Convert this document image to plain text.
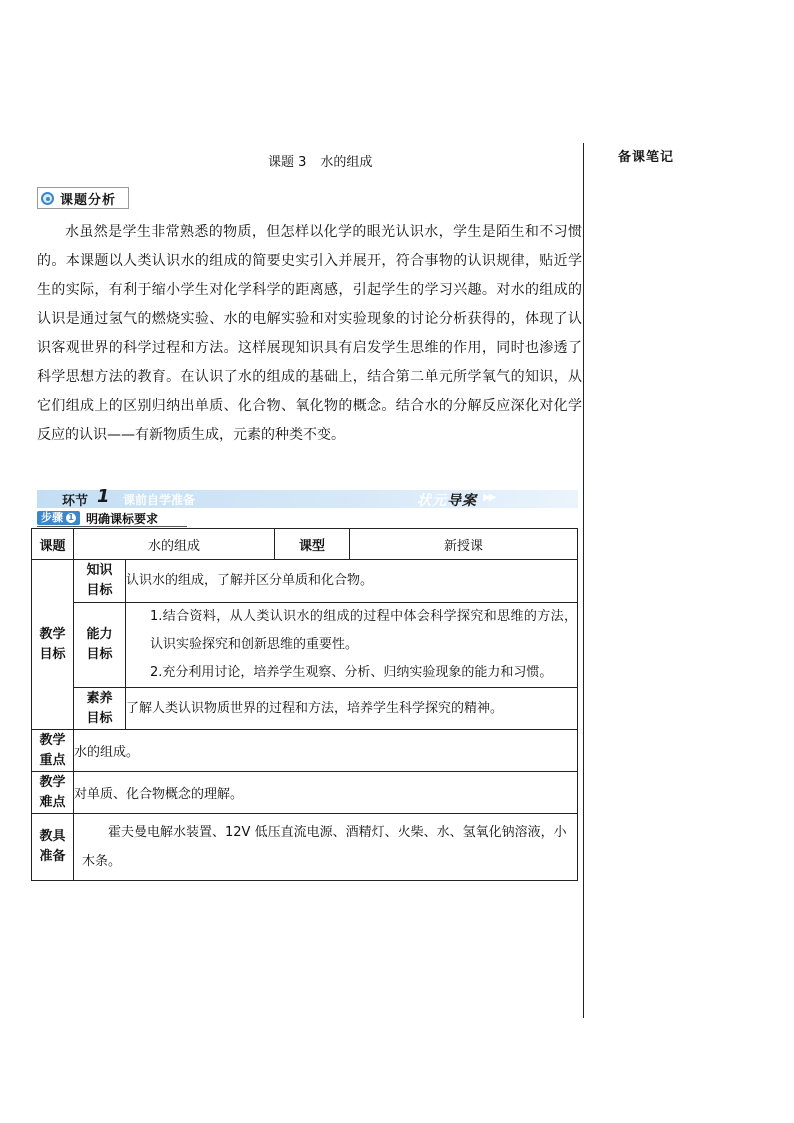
备课笔记
课题 3 水的组成
课题分析

水虽然是学生非常熟悉的物质，但怎样以化学的眼光认识水，学生是陌生和不习惯的。本课题以人类认识水的组成的简要史实引入并展开，符合事物的认识规律，贴近学生的实际，有利于缩小学生对化学科学的距离感，引起学生的学习兴趣。对水的组成的认识是通过氢气的燃烧实验、水的电解实验和对实验现象的讨论分析获得的，体现了认识客观世界的科学过程和方法。这样展现知识具有启发学生思维的作用，同时也渗透了科学思想方法的教育。在认识了水的组成的基础上，结合第二单元所学氧气的知识，从它们组成上的区别归纳出单质、化合物、氧化物的概念。结合水的分解反应深化对化学反应的认识——有新物质生成，元素的种类不变。

环节 1 课前自学准备	状元导案 ▶▶
步骤 1 明确课标要求
课题	水的组成		课型	新授课
教学目标	知识目标	认识水的组成，了解并区分单质和化合物。		
	能力目标	1.结合资料，从人类认识水的组成的过程中体会科学探究和思维的方法，认识实验探究和创新思维的重要性。
2.充分利用讨论，培养学生观察、分析、归纳实验现象的能力和习惯。		

	素养目标	了解人类认识物质世界的过程和方法，培养学生科学探究的精神。		
教学重点	水的组成。			
教学难点	对单质、化合物概念的理解。			
教具准备	霍夫曼电解水装置、12V 低压直流电源、酒精灯、火柴、水、氢氧化钠溶液，小木条。			
